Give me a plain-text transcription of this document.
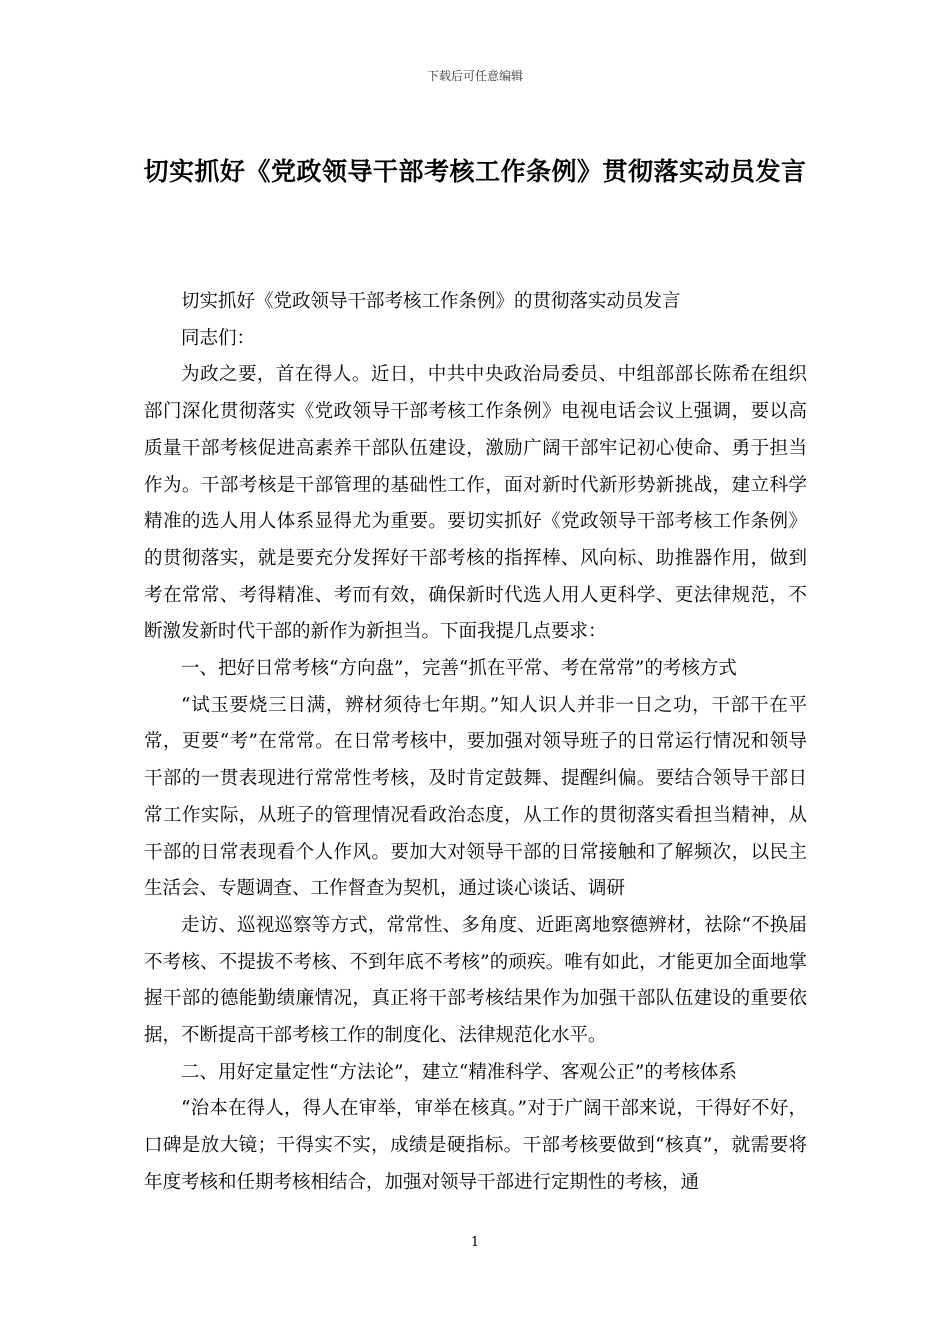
下载后可任意编辑
切实抓好《党政领导干部考核工作条例》贯彻落实动员发言

切实抓好《党政领导干部考核工作条例》的贯彻落实动员发言

同志们：

为政之要，首在得人。近日，中共中央政治局委员、中组部部长陈希在组织部门深化贯彻落实《党政领导干部考核工作条例》电视电话会议上强调，要以高质量干部考核促进高素养干部队伍建设，激励广阔干部牢记初心使命、勇于担当作为。干部考核是干部管理的基础性工作，面对新时代新形势新挑战，建立科学精准的选人用人体系显得尤为重要。要切实抓好《党政领导干部考核工作条例》的贯彻落实，就是要充分发挥好干部考核的指挥棒、风向标、助推器作用，做到考在常常、考得精准、考而有效，确保新时代选人用人更科学、更法律规范，不断激发新时代干部的新作为新担当。下面我提几点要求：

一、把好日常考核“方向盘”，完善“抓在平常、考在常常”的考核方式

“试玉要烧三日满，辨材须待七年期。”知人识人并非一日之功，干部干在平常，更要“考”在常常。在日常考核中，要加强对领导班子的日常运行情况和领导干部的一贯表现进行常常性考核，及时肯定鼓舞、提醒纠偏。要结合领导干部日常工作实际，从班子的管理情况看政治态度，从工作的贯彻落实看担当精神，从干部的日常表现看个人作风。要加大对领导干部的日常接触和了解频次，以民主生活会、专题调查、工作督查为契机，通过谈心谈话、调研

走访、巡视巡察等方式，常常性、多角度、近距离地察德辨材，祛除“不换届不考核、不提拔不考核、不到年底不考核”的顽疾。唯有如此，才能更加全面地掌握干部的德能勤绩廉情况，真正将干部考核结果作为加强干部队伍建设的重要依据，不断提高干部考核工作的制度化、法律规范化水平。

二、用好定量定性“方法论”，建立“精准科学、客观公正”的考核体系

“治本在得人，得人在审举，审举在核真。”对于广阔干部来说，干得好不好，口碑是放大镜；干得实不实，成绩是硬指标。干部考核要做到“核真”，就需要将年度考核和任期考核相结合，加强对领导干部进行定期性的考核，通

1
